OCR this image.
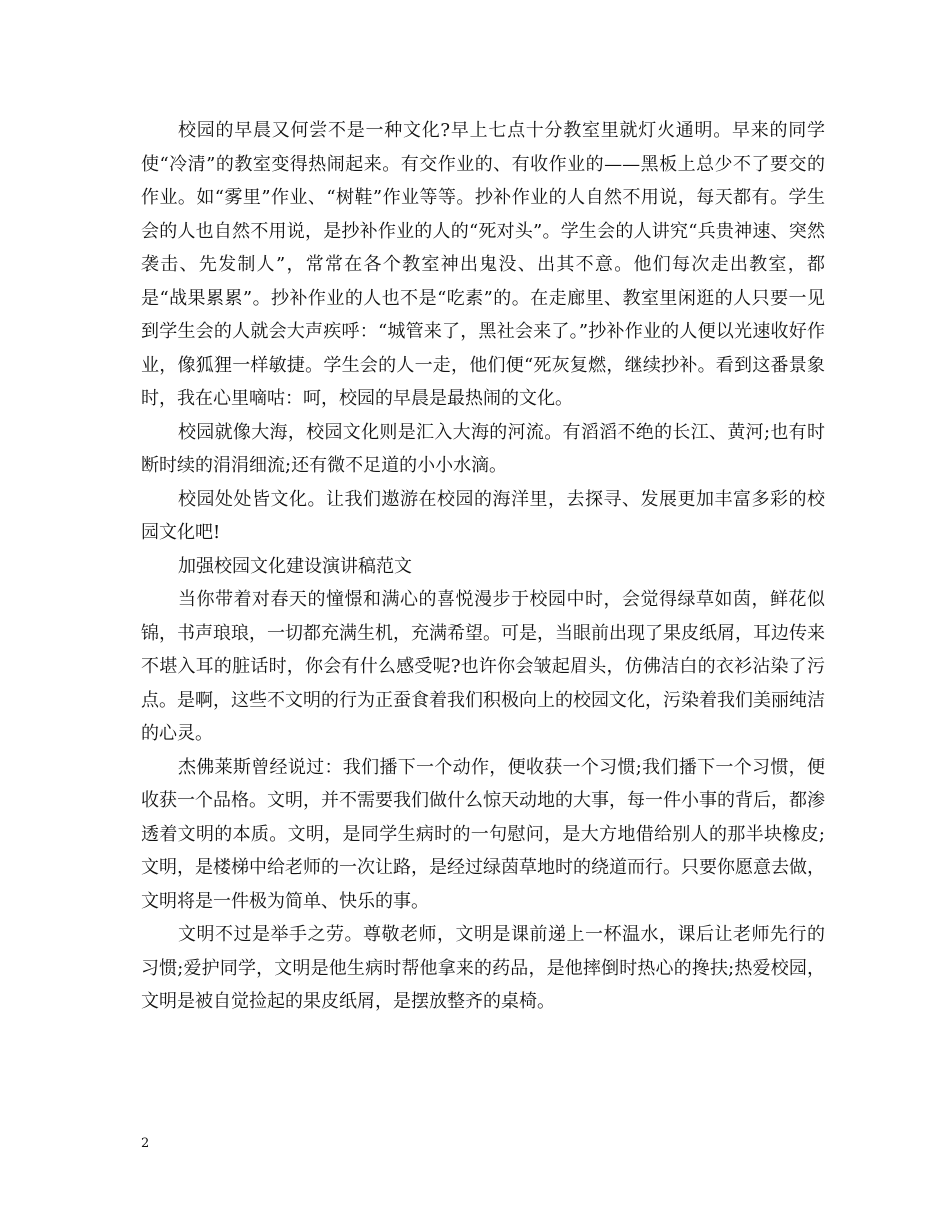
校园的早晨又何尝不是一种文化?早上七点十分教室里就灯火通明。早来的同学使“冷清”的教室变得热闹起来。有交作业的、有收作业的——黑板上总少不了要交的作业。如“雾里”作业、“树鞋”作业等等。抄补作业的人自然不用说，每天都有。学生会的人也自然不用说，是抄补作业的人的“死对头”。学生会的人讲究“兵贵神速、突然袭击、先发制人”，常常在各个教室神出鬼没、出其不意。他们每次走出教室，都是“战果累累”。抄补作业的人也不是“吃素”的。在走廊里、教室里闲逛的人只要一见到学生会的人就会大声疾呼：“城管来了，黑社会来了。”抄补作业的人便以光速收好作业，像狐狸一样敏捷。学生会的人一走，他们便“死灰复燃，继续抄补。看到这番景象时，我在心里嘀咕：呵，校园的早晨是最热闹的文化。

校园就像大海，校园文化则是汇入大海的河流。有滔滔不绝的长江、黄河;也有时断时续的涓涓细流;还有微不足道的小小水滴。

校园处处皆文化。让我们遨游在校园的海洋里，去探寻、发展更加丰富多彩的校园文化吧!

加强校园文化建设演讲稿范文

当你带着对春天的憧憬和满心的喜悦漫步于校园中时，会觉得绿草如茵，鲜花似锦，书声琅琅，一切都充满生机，充满希望。可是，当眼前出现了果皮纸屑，耳边传来不堪入耳的脏话时，你会有什么感受呢?也许你会皱起眉头，仿佛洁白的衣衫沾染了污点。是啊，这些不文明的行为正蚕食着我们积极向上的校园文化，污染着我们美丽纯洁的心灵。

杰佛莱斯曾经说过：我们播下一个动作，便收获一个习惯;我们播下一个习惯，便收获一个品格。文明，并不需要我们做什么惊天动地的大事，每一件小事的背后，都渗透着文明的本质。文明，是同学生病时的一句慰问，是大方地借给别人的那半块橡皮;文明，是楼梯中给老师的一次让路，是经过绿茵草地时的绕道而行。只要你愿意去做，文明将是一件极为简单、快乐的事。

文明不过是举手之劳。尊敬老师，文明是课前递上一杯温水，课后让老师先行的习惯;爱护同学，文明是他生病时帮他拿来的药品，是他摔倒时热心的搀扶;热爱校园，文明是被自觉捡起的果皮纸屑，是摆放整齐的桌椅。

2
